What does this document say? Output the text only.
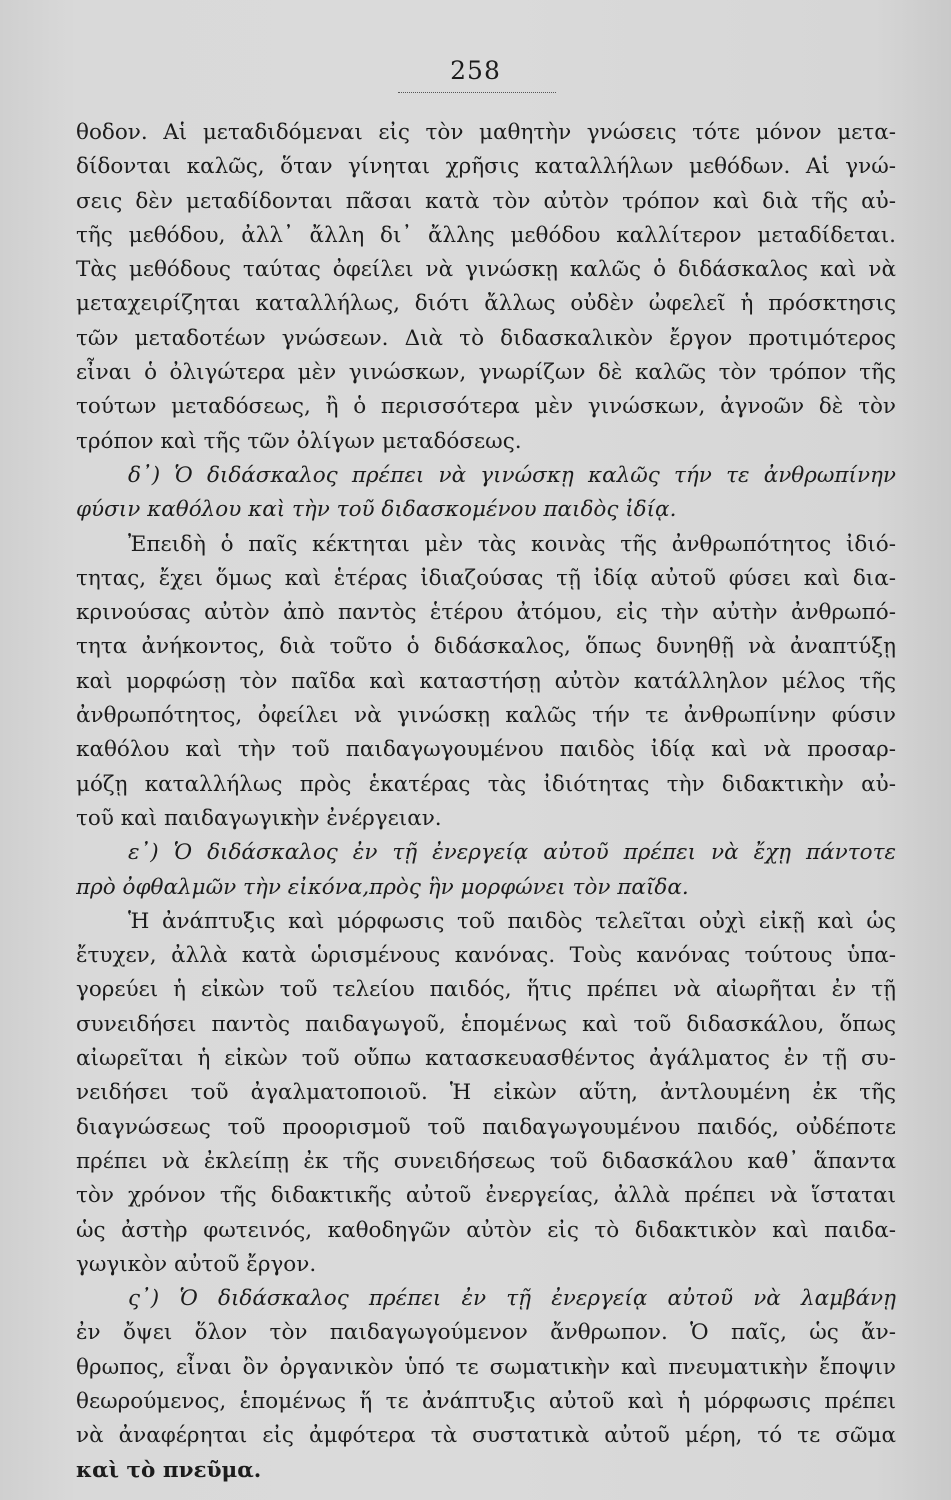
258
θοδον. Αἱ μεταδιδόμεναι εἰς τὸν μαθητὴν γνώσεις τότε μόνον μετα-
δίδονται καλῶς, ὅταν γίνηται χρῆσις καταλλήλων μεθόδων. Αἱ γνώ-
σεις δὲν μεταδίδονται πᾶσαι κατὰ τὸν αὐτὸν τρόπον καὶ διὰ τῆς αὐ-
τῆς μεθόδου, ἀλλ᾽ ἄλλη δι᾽ ἄλλης μεθόδου καλλίτερον μεταδίδεται.
Τὰς μεθόδους ταύτας ὀφείλει νὰ γινώσκῃ καλῶς ὁ διδάσκαλος καὶ νὰ
μεταχειρίζηται καταλλήλως, διότι ἄλλως οὐδὲν ὠφελεῖ ἡ πρόσκτησις
τῶν μεταδοτέων γνώσεων. Διὰ τὸ διδασκαλικὸν ἔργον προτιμότερος
εἶναι ὁ ὀλιγώτερα μὲν γινώσκων, γνωρίζων δὲ καλῶς τὸν τρόπον τῆς
τούτων μεταδόσεως, ἢ ὁ περισσότερα μὲν γινώσκων, ἀγνοῶν δὲ τὸν
τρόπον καὶ τῆς τῶν ὀλίγων μεταδόσεως.
δ᾽) Ὁ διδάσκαλος πρέπει νὰ γινώσκῃ καλῶς τήν τε ἀνθρωπίνην
φύσιν καθόλου καὶ τὴν τοῦ διδασκομένου παιδὸς ἰδίᾳ.
Ἐπειδὴ ὁ παῖς κέκτηται μὲν τὰς κοινὰς τῆς ἀνθρωπότητος ἰδιό-
τητας, ἔχει ὅμως καὶ ἑτέρας ἰδιαζούσας τῇ ἰδίᾳ αὐτοῦ φύσει καὶ δια-
κρινούσας αὐτὸν ἀπὸ παντὸς ἑτέρου ἀτόμου, εἰς τὴν αὐτὴν ἀνθρωπό-
τητα ἀνήκοντος, διὰ τοῦτο ὁ διδάσκαλος, ὅπως δυνηθῇ νὰ ἀναπτύξῃ
καὶ μορφώσῃ τὸν παῖδα καὶ καταστήσῃ αὐτὸν κατάλληλον μέλος τῆς
ἀνθρωπότητος, ὀφείλει νὰ γινώσκῃ καλῶς τήν τε ἀνθρωπίνην φύσιν
καθόλου καὶ τὴν τοῦ παιδαγωγουμένου παιδὸς ἰδίᾳ καὶ νὰ προσαρ-
μόζῃ καταλλήλως πρὸς ἑκατέρας τὰς ἰδιότητας τὴν διδακτικὴν αὐ-
τοῦ καὶ παιδαγωγικὴν ἐνέργειαν.
ε᾽) Ὁ διδάσκαλος ἐν τῇ ἐνεργείᾳ αὐτοῦ πρέπει νὰ ἔχῃ πάντοτε
πρὸ ὀφθαλμῶν τὴν εἰκόνα,πρὸς ἣν μορφώνει τὸν παῖδα.
Ἡ ἀνάπτυξις καὶ μόρφωσις τοῦ παιδὸς τελεῖται οὐχὶ εἰκῇ καὶ ὡς
ἔτυχεν, ἀλλὰ κατὰ ὡρισμένους κανόνας. Τοὺς κανόνας τούτους ὑπα-
γορεύει ἡ εἰκὼν τοῦ τελείου παιδός, ἥτις πρέπει νὰ αἰωρῆται ἐν τῇ
συνειδήσει παντὸς παιδαγωγοῦ, ἑπομένως καὶ τοῦ διδασκάλου, ὅπως
αἰωρεῖται ἡ εἰκὼν τοῦ οὔπω κατασκευασθέντος ἀγάλματος ἐν τῇ συ-
νειδήσει τοῦ ἀγαλματοποιοῦ. Ἡ εἰκὼν αὕτη, ἀντλουμένη ἐκ τῆς
διαγνώσεως τοῦ προορισμοῦ τοῦ παιδαγωγουμένου παιδός, οὐδέποτε
πρέπει νὰ ἐκλείπῃ ἐκ τῆς συνειδήσεως τοῦ διδασκάλου καθ᾽ ἅπαντα
τὸν χρόνον τῆς διδακτικῆς αὐτοῦ ἐνεργείας, ἀλλὰ πρέπει νὰ ἵσταται
ὡς ἀστὴρ φωτεινός, καθοδηγῶν αὐτὸν εἰς τὸ διδακτικὸν καὶ παιδα-
γωγικὸν αὐτοῦ ἔργον.
ς᾽) Ὁ διδάσκαλος πρέπει ἐν τῇ ἐνεργείᾳ αὐτοῦ νὰ λαμβάνῃ
ἐν ὄψει ὅλον τὸν παιδαγωγούμενον ἄνθρωπον. Ὁ παῖς, ὡς ἄν-
θρωπος, εἶναι ὂν ὀργανικὸν ὑπό τε σωματικὴν καὶ πνευματικὴν ἔποψιν
θεωρούμενος, ἑπομένως ἥ τε ἀνάπτυξις αὐτοῦ καὶ ἡ μόρφωσις πρέπει
νὰ ἀναφέρηται εἰς ἀμφότερα τὰ συστατικὰ αὐτοῦ μέρη, τό τε σῶμα
καὶ τὸ πνεῦμα.
